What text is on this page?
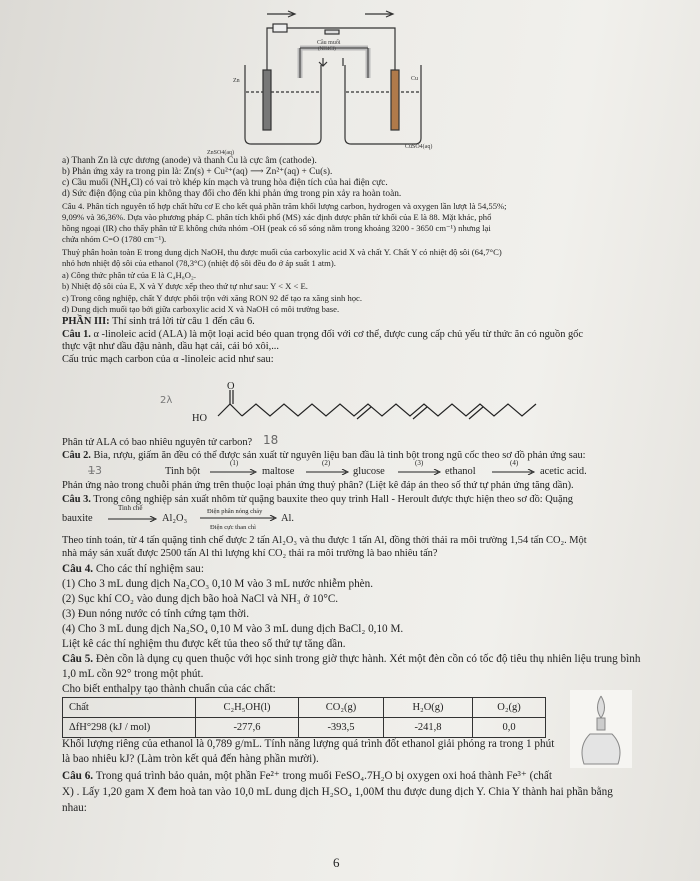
Cầu muối
(NH4Cl)
Zn	Cu
ZnSO4(aq)
CuSO4(aq)
a) Thanh Zn là cực dương (anode) và thanh Cu là cực âm (cathode).
b) Phản ứng xảy ra trong pin là: Zn(s) + Cu²⁺(aq) ⟶ Zn²⁺(aq) + Cu(s).
c) Cầu muối (NH₄Cl) có vai trò khép kín mạch và trung hòa điện tích của hai điện cực.
d) Sức điện động của pin không thay đổi cho đến khi phản ứng trong pin xảy ra hoàn toàn.
Câu 4. Phân tích nguyên tố hợp chất hữu cơ E cho kết quả phần trăm khối lượng carbon, hydrogen và oxygen lần lượt là 54,55%;
9,09% và 36,36%. Dựa vào phương pháp C. phân tích khối phổ (MS) xác định được phân tử khối của E là 88. Mặt khác, phổ
hồng ngoại (IR) cho thấy phân tử E không chứa nhóm -OH (peak có số sóng nằm trong khoảng 3200 - 3650 cm⁻¹) nhưng lại
chứa nhóm C=O (1780 cm⁻¹).
Thuỷ phân hoàn toàn E trong dung dịch NaOH, thu được muối của carboxylic acid X và chất Y. Chất Y có nhiệt độ sôi (64,7°C)
nhỏ hơn nhiệt độ sôi của ethanol (78,3°C) (nhiệt độ sôi đều đo ở áp suất 1 atm).
a) Công thức phân tử của E là C₄H₈O₂.
b) Nhiệt độ sôi của E, X và Y được xếp theo thứ tự như sau: Y < X < E.
c) Trong công nghiệp, chất Y được phối trộn với xăng RON 92 để tạo ra xăng sinh học.
d) Dung dịch muối tạo bởi giữa carboxylic acid X và NaOH có môi trường base.
PHẦN III: Thí sinh trả lời từ câu 1 đến câu 6.
Câu 1. α -linoleic acid (ALA) là một loại acid béo quan trọng đối với cơ thể, được cung cấp chủ yếu từ thức ăn có nguồn gốc
thực vật như dầu đậu nành, dầu hạt cải, cải bó xôi,...
Cấu trúc mạch carbon của α -linoleic acid như sau:
2λ
HO
O
Phân tử ALA có bao nhiêu nguyên tử carbon? 18
Câu 2. Bia, rượu, giấm ăn đều có thể được sản xuất từ nguyên liệu ban đầu là tinh bột trong ngũ cốc theo sơ đồ phản ứng sau:
1̶3	Tinh bột
(1)
maltose
(2)
glucose
(3)
ethanol
(4)
acetic acid.
Phản ứng nào trong chuỗi phản ứng trên thuộc loại phản ứng thuỷ phân? (Liệt kê đáp án theo số thứ tự phản ứng tăng dần).
Câu 3. Trong công nghiệp sản xuất nhôm từ quặng bauxite theo quy trình Hall - Heroult được thực hiện theo sơ đồ: Quặng
bauxite
Tinh chế
Al₂O₃
Điện phân nóng chảy
Điện cực than chì
Al.
Theo tính toán, từ 4 tấn quặng tinh chế được 2 tấn Al₂O₃ và thu được 1 tấn Al, đồng thời thải ra môi trường 1,54 tấn CO₂. Một
nhà máy sản xuất được 2500 tấn Al thì lượng khí CO₂ thải ra môi trường là bao nhiêu tấn?
Câu 4. Cho các thí nghiệm sau:
(1) Cho 3 mL dung dịch Na₂CO₃ 0,10 M vào 3 mL nước nhiễm phèn.
(2) Sục khí CO₂ vào dung dịch bão hoà NaCl và NH₃ ở 10°C.
(3) Đun nóng nước có tính cứng tạm thời.
(4) Cho 3 mL dung dịch Na₂SO₄ 0,10 M vào 3 mL dung dịch BaCl₂ 0,10 M.
Liệt kê các thí nghiệm thu được kết tủa theo số thứ tự tăng dần.
Câu 5. Đèn cồn là dụng cụ quen thuộc với học sinh trong giờ thực hành. Xét một đèn cồn có tốc độ tiêu thụ nhiên liệu trung bình
1,0 mL cồn 92° trong một phút.
Cho biết enthalpy tạo thành chuẩn của các chất:
Chất	C₂H₅OH(l)	CO₂(g)	H₂O(g)	O₂(g)
ΔfH°298 (kJ / mol)	-277,6	-393,5	-241,8	0,0
Khối lượng riêng của ethanol là 0,789 g/mL. Tính năng lượng quá trình đốt ethanol giải phóng ra trong 1 phút
là bao nhiêu kJ? (Làm tròn kết quả đến hàng phần mười).
Câu 6. Trong quá trình bảo quản, một phần Fe²⁺ trong muối FeSO₄.7H₂O bị oxygen oxi hoá thành Fe³⁺ (chất
X) . Lấy 1,20 gam X đem hoà tan vào 10,0 mL dung dịch H₂SO₄ 1,00M thu được dung dịch Y. Chia Y thành hai phần bằng
nhau:
6
